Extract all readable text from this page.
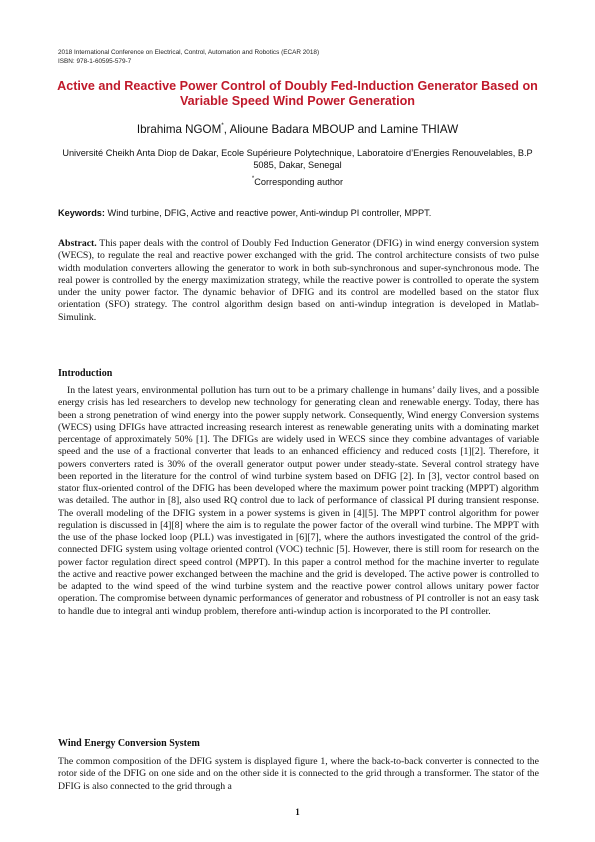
2018 International Conference on Electrical, Control, Automation and Robotics (ECAR 2018)
ISBN: 978-1-60595-579-7
Active and Reactive Power Control of Doubly Fed-Induction Generator Based on Variable Speed Wind Power Generation
Ibrahima NGOM*, Alioune Badara MBOUP and Lamine THIAW
Université Cheikh Anta Diop de Dakar, Ecole Supérieure Polytechnique, Laboratoire d’Energies Renouvelables, B.P 5085, Dakar, Senegal
*Corresponding author
Keywords: Wind turbine, DFIG, Active and reactive power, Anti-windup PI controller, MPPT.
Abstract. This paper deals with the control of Doubly Fed Induction Generator (DFIG) in wind energy conversion system (WECS), to regulate the real and reactive power exchanged with the grid. The control architecture consists of two pulse width modulation converters allowing the generator to work in both sub-synchronous and super-synchronous mode. The real power is controlled by the energy maximization strategy, while the reactive power is controlled to operate the system under the unity power factor. The dynamic behavior of DFIG and its control are modelled based on the stator flux orientation (SFO) strategy. The control algorithm design based on anti-windup integration is developed in Matlab-Simulink.
Introduction
In the latest years, environmental pollution has turn out to be a primary challenge in humans’ daily lives, and a possible energy crisis has led researchers to develop new technology for generating clean and renewable energy. Today, there has been a strong penetration of wind energy into the power supply network. Consequently, Wind energy Conversion systems (WECS) using DFIGs have attracted increasing research interest as renewable generating units with a dominating market percentage of approximately 50% [1]. The DFIGs are widely used in WECS since they combine advantages of variable speed and the use of a fractional converter that leads to an enhanced efficiency and reduced costs [1][2]. Therefore, it powers converters rated is 30% of the overall generator output power under steady-state. Several control strategy have been reported in the literature for the control of wind turbine system based on DFIG [2]. In [3], vector control based on stator flux-oriented control of the DFIG has been developed where the maximum power point tracking (MPPT) algorithm was detailed. The author in [8], also used RQ control due to lack of performance of classical PI during transient response. The overall modeling of the DFIG system in a power systems is given in [4][5]. The MPPT control algorithm for power regulation is discussed in [4][8] where the aim is to regulate the power factor of the overall wind turbine. The MPPT with the use of the phase locked loop (PLL) was investigated in [6][7], where the authors investigated the control of the grid-connected DFIG system using voltage oriented control (VOC) technic [5]. However, there is still room for research on the power factor regulation direct speed control (MPPT). In this paper a control method for the machine inverter to regulate the active and reactive power exchanged between the machine and the grid is developed. The active power is controlled to be adapted to the wind speed of the wind turbine system and the reactive power control allows unitary power factor operation. The compromise between dynamic performances of generator and robustness of PI controller is not an easy task to handle due to integral anti windup problem, therefore anti-windup action is incorporated to the PI controller.
Wind Energy Conversion System
The common composition of the DFIG system is displayed figure 1, where the back-to-back converter is connected to the rotor side of the DFIG on one side and on the other side it is connected to the grid through a transformer. The stator of the DFIG is also connected to the grid through a
1
